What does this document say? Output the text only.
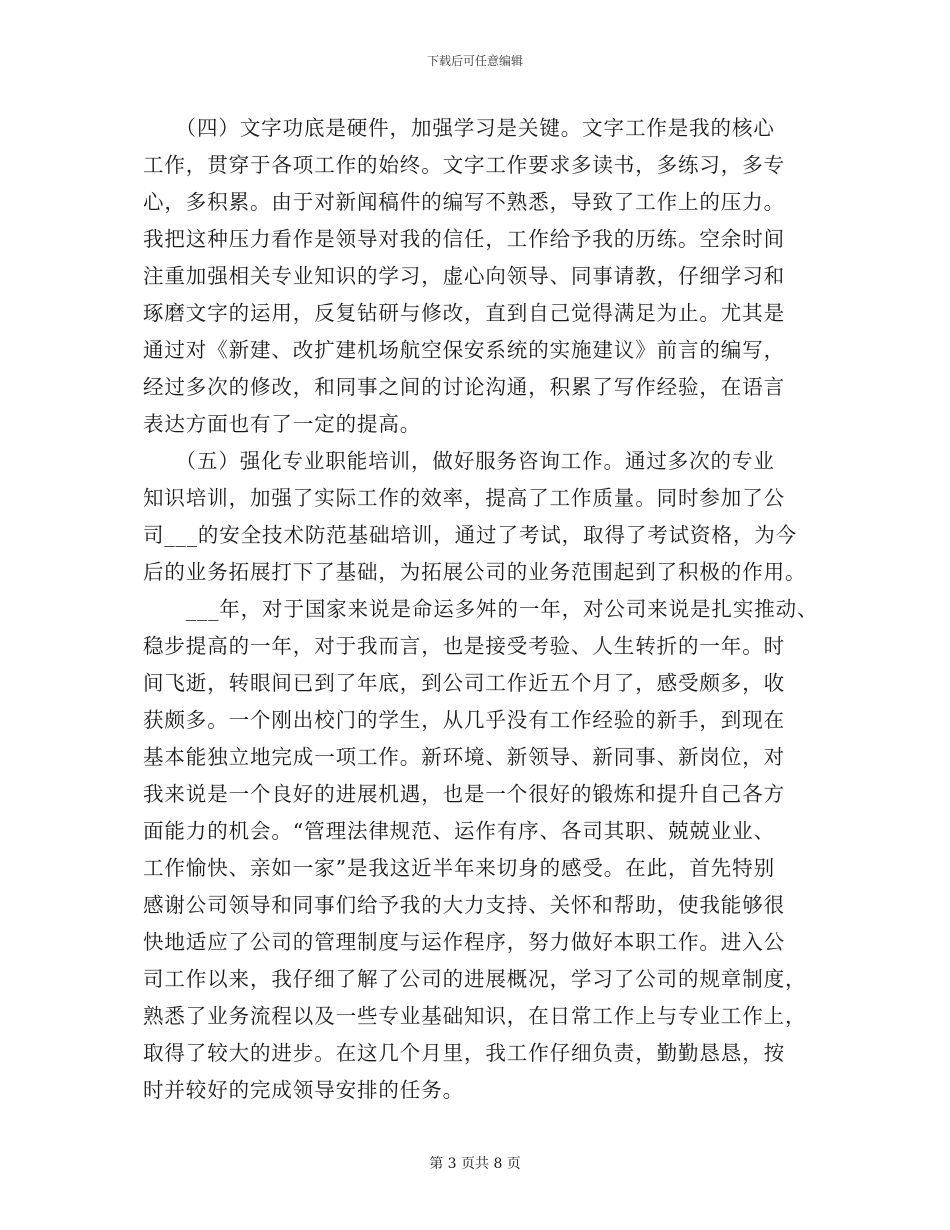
下载后可任意编辑
　　（四）文字功底是硬件，加强学习是关键。文字工作是我的核心
工作，贯穿于各项工作的始终。文字工作要求多读书，多练习，多专
心，多积累。由于对新闻稿件的编写不熟悉，导致了工作上的压力。
我把这种压力看作是领导对我的信任，工作给予我的历练。空余时间
注重加强相关专业知识的学习，虚心向领导、同事请教，仔细学习和
琢磨文字的运用，反复钻研与修改，直到自己觉得满足为止。尤其是
通过对《新建、改扩建机场航空保安系统的实施建议》前言的编写，
经过多次的修改，和同事之间的讨论沟通，积累了写作经验，在语言
表达方面也有了一定的提高。
　　（五）强化专业职能培训，做好服务咨询工作。通过多次的专业
知识培训，加强了实际工作的效率，提高了工作质量。同时参加了公
司___的安全技术防范基础培训，通过了考试，取得了考试资格，为今
后的业务拓展打下了基础，为拓展公司的业务范围起到了积极的作用。
　　___年，对于国家来说是命运多舛的一年，对公司来说是扎实推动、
稳步提高的一年，对于我而言，也是接受考验、人生转折的一年。时
间飞逝，转眼间已到了年底，到公司工作近五个月了，感受颇多，收
获颇多。一个刚出校门的学生，从几乎没有工作经验的新手，到现在
基本能独立地完成一项工作。新环境、新领导、新同事、新岗位，对
我来说是一个良好的进展机遇，也是一个很好的锻炼和提升自己各方
面能力的机会。“管理法律规范、运作有序、各司其职、兢兢业业、
工作愉快、亲如一家”是我这近半年来切身的感受。在此，首先特别
感谢公司领导和同事们给予我的大力支持、关怀和帮助，使我能够很
快地适应了公司的管理制度与运作程序，努力做好本职工作。进入公
司工作以来，我仔细了解了公司的进展概况，学习了公司的规章制度，
熟悉了业务流程以及一些专业基础知识，在日常工作上与专业工作上，
取得了较大的进步。在这几个月里，我工作仔细负责，勤勤恳恳，按
时并较好的完成领导安排的任务。
第 3 页共 8 页
